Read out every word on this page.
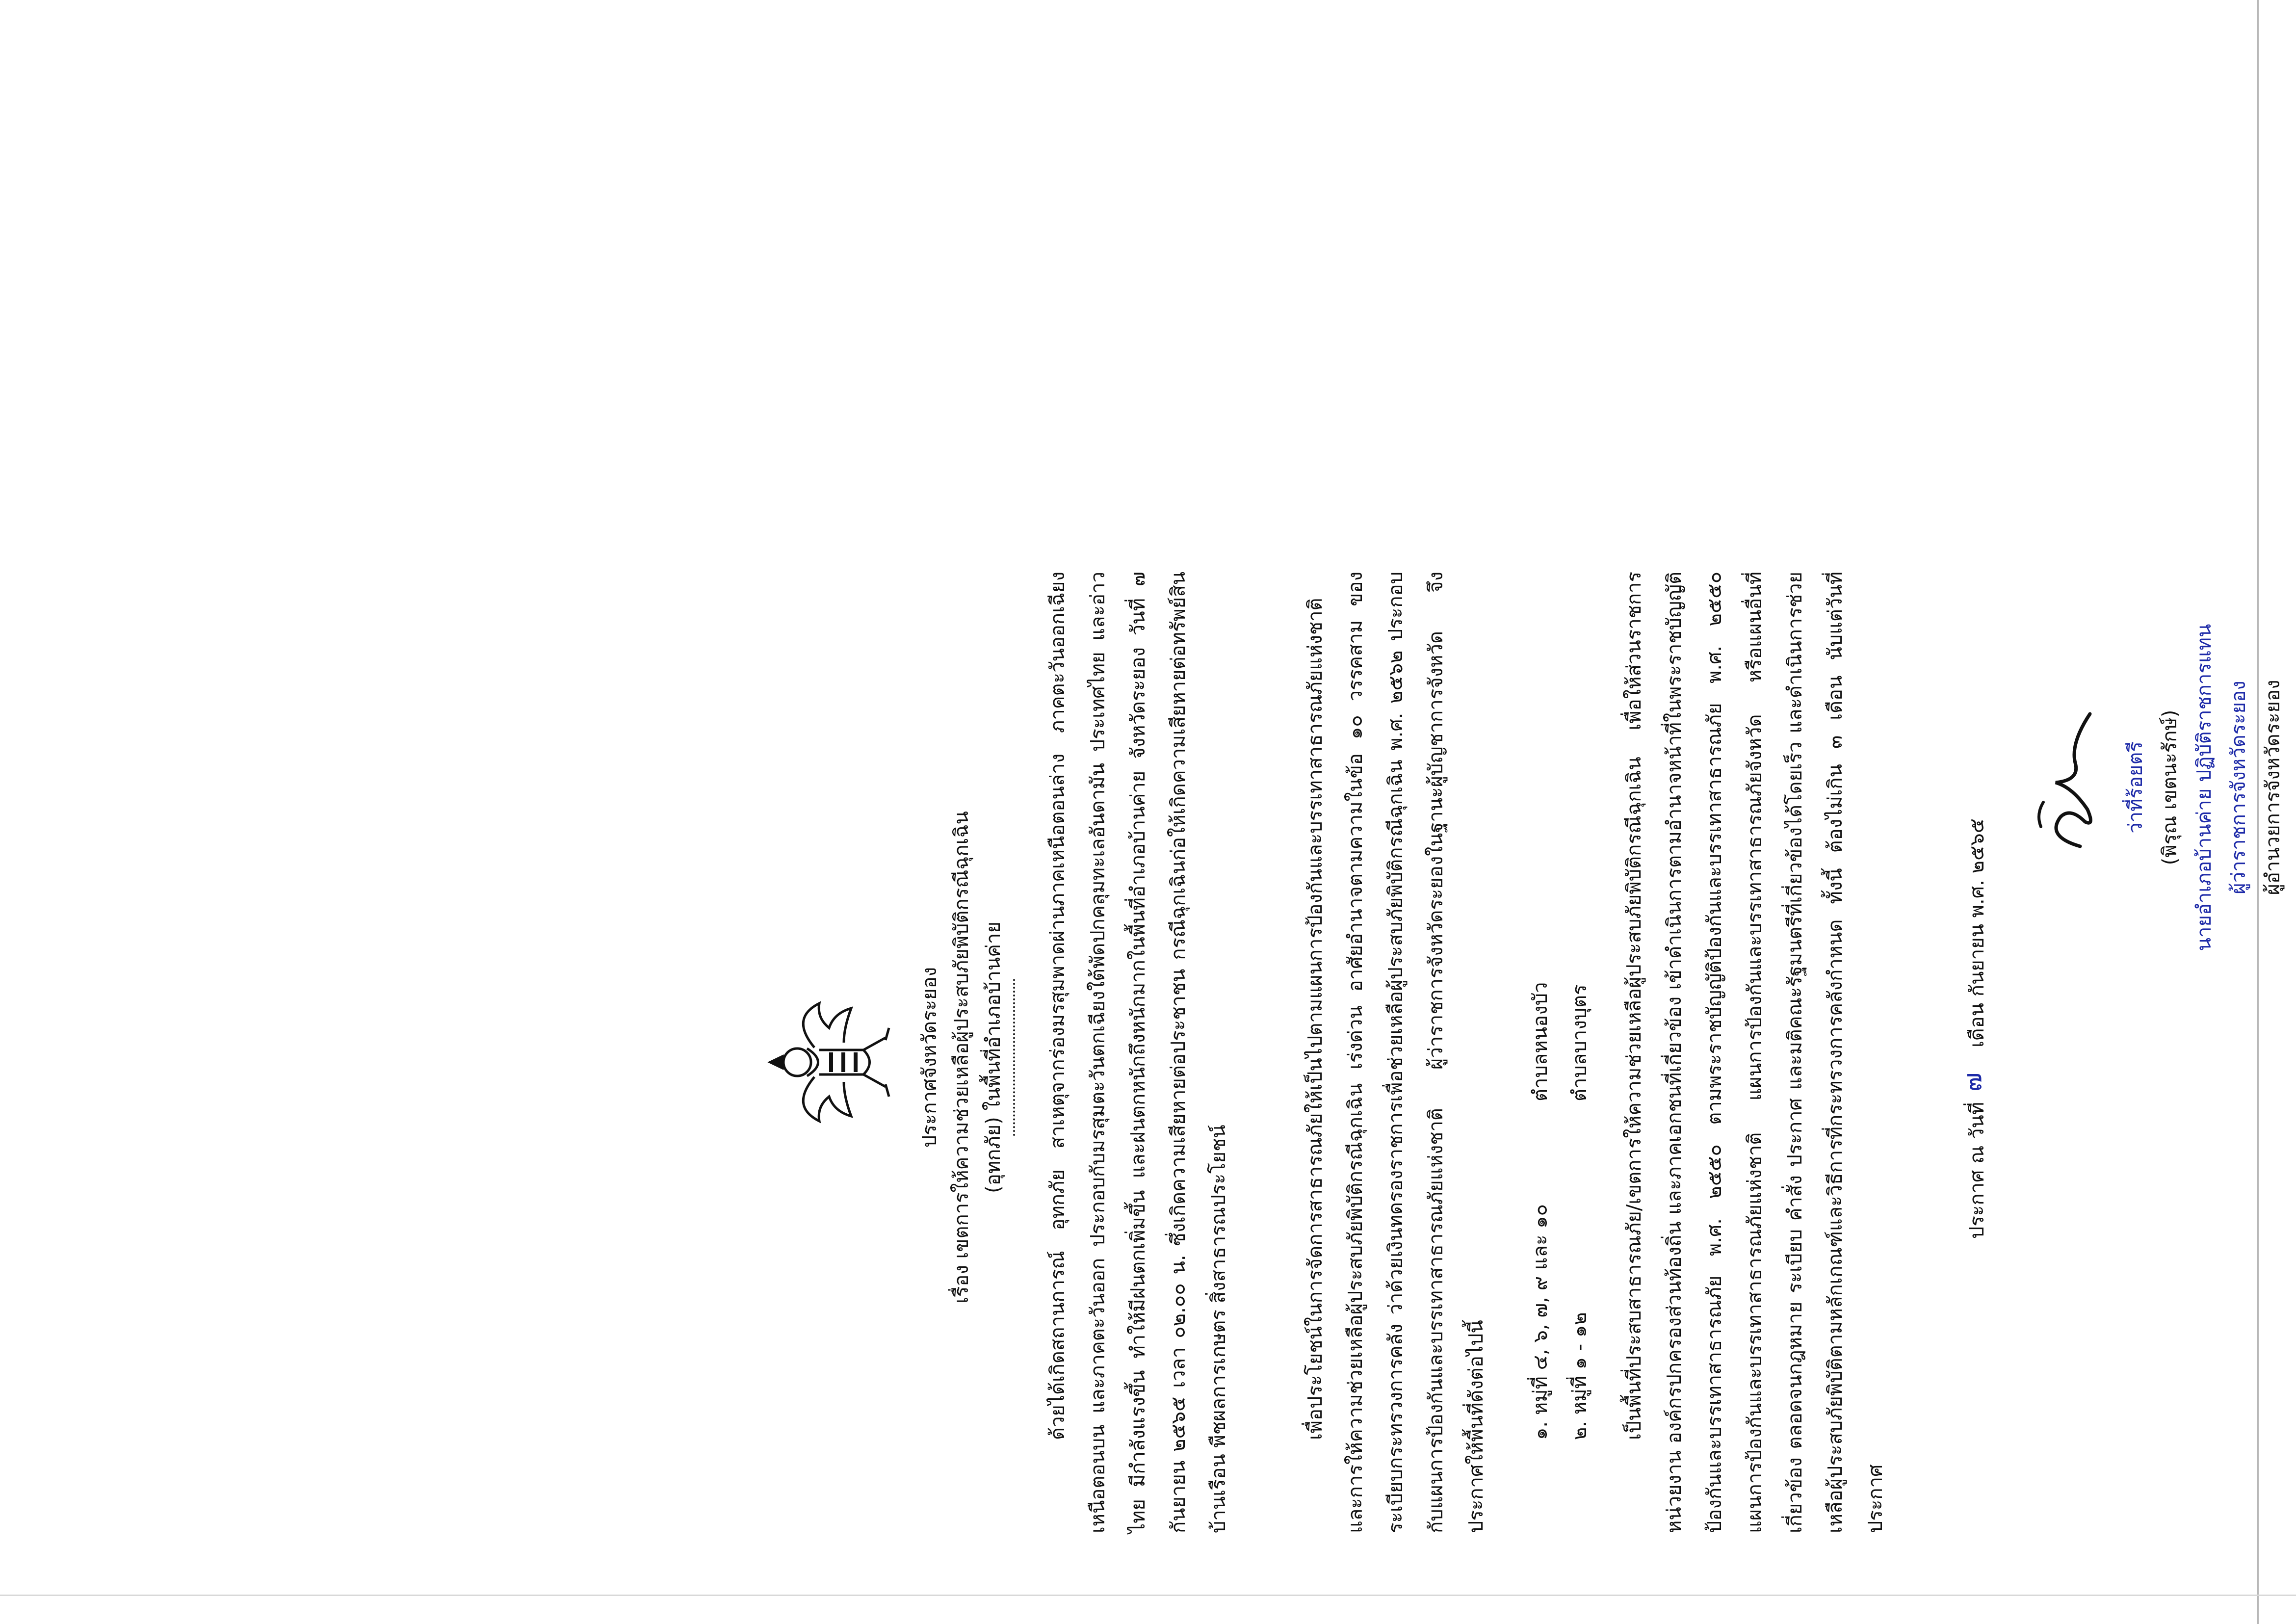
ประกาศจังหวัดระยอง เรื่อง เขตการให้ความช่วยเหลือผู้ประสบภัยพิบัติกรณีฉุกเฉิน (อุทกภัย) ในพื้นที่อำเภอบ้านค่าย	ด้วยได้เกิดสถานการณ์ อุทกภัย สาเหตุจากร่องมรสุมพาดผ่านภาคเหนือตอนล่าง ภาคตะวันออกเฉียงเหนือตอนบน และภาคตะวันออก ประกอบกับมรสุมตะวันตกเฉียงใต้พัดปกคลุมทะเลอันดามัน ประเทศไทย และอ่าวไทย มีกำลังแรงขึ้น ทำให้มีฝนตกเพิ่มขึ้น และฝนตกหนักถึงหนักมากในพื้นที่อำเภอบ้านค่าย จังหวัดระยอง วันที่ ๗ กันยายน ๒๕๖๕ เวลา ๐๒.๐๐ น. ซึ่งเกิดความเสียหายต่อประชาชน กรณีฉุกเฉินก่อให้เกิดความเสียหายต่อทรัพย์สิน บ้านเรือน พืชผลการเกษตร สิ่งสาธารณประโยชน์	เพื่อประโยชน์ในการจัดการสาธารณภัยให้เป็นไปตามแผนการป้องกันและบรรเทาสาธารณภัยแห่งชาติ และการให้ความช่วยเหลือผู้ประสบภัยพิบัติกรณีฉุกเฉิน เร่งด่วน อาศัยอำนาจตามความในข้อ ๑๐ วรรคสาม ของระเบียบกระทรวงการคลัง ว่าด้วยเงินทดรองราชการเพื่อช่วยเหลือผู้ประสบภัยพิบัติกรณีฉุกเฉิน พ.ศ. ๒๕๖๒ ประกอบกับแผนการป้องกันและบรรเทาสาธารณภัยแห่งชาติ ผู้ว่าราชการจังหวัดระยองในฐานะผู้บัญชาการจังหวัด จึงประกาศให้พื้นที่ดังต่อไปนี้	๑. หมู่ที่ ๔, ๖, ๗, ๙ และ ๑๐
ตำบลหนองบัว
๒. หมู่ที่ ๑ - ๑๒
ตำบลบางบุตร	เป็นพื้นที่ประสบสาธารณภัย/เขตการให้ความช่วยเหลือผู้ประสบภัยพิบัติกรณีฉุกเฉิน เพื่อให้ส่วนราชการหน่วยงาน องค์กรปกครองส่วนท้องถิ่น และภาคเอกชนที่เกี่ยวข้อง เข้าดำเนินการตามอำนาจหน้าที่ในพระราชบัญญัติป้องกันและบรรเทาสาธารณภัย พ.ศ. ๒๕๕๐ ตามพระราชบัญญัติป้องกันและบรรเทาสาธารณภัย พ.ศ. ๒๕๕๐ แผนการป้องกันและบรรเทาสาธารณภัยแห่งชาติ แผนการป้องกันและบรรเทาสาธารณภัยจังหวัด หรือแผนอื่นที่เกี่ยวข้อง ตลอดจนกฎหมาย ระเบียบ คำสั่ง ประกาศ และมติคณะรัฐมนตรีที่เกี่ยวข้องได้โดยเร็ว และดำเนินการช่วยเหลือผู้ประสบภัยพิบัติตามหลักเกณฑ์และวิธีการที่กระทรวงการคลังกำหนด ทั้งนี้ ต้องไม่เกิน ๓ เดือน นับแต่วันที่ประกาศ
ประกาศ ณ วันที่
๗
เดือน กันยายน พ.ศ. ๒๕๖๕
ว่าที่ร้อยตรี (พิรุณ เขตนะรักษ์) นายอำเภอบ้านค่าย ปฏิบัติราชการแทน ผู้ว่าราชการจังหวัดระยอง ผู้อำนวยการจังหวัดระยอง
